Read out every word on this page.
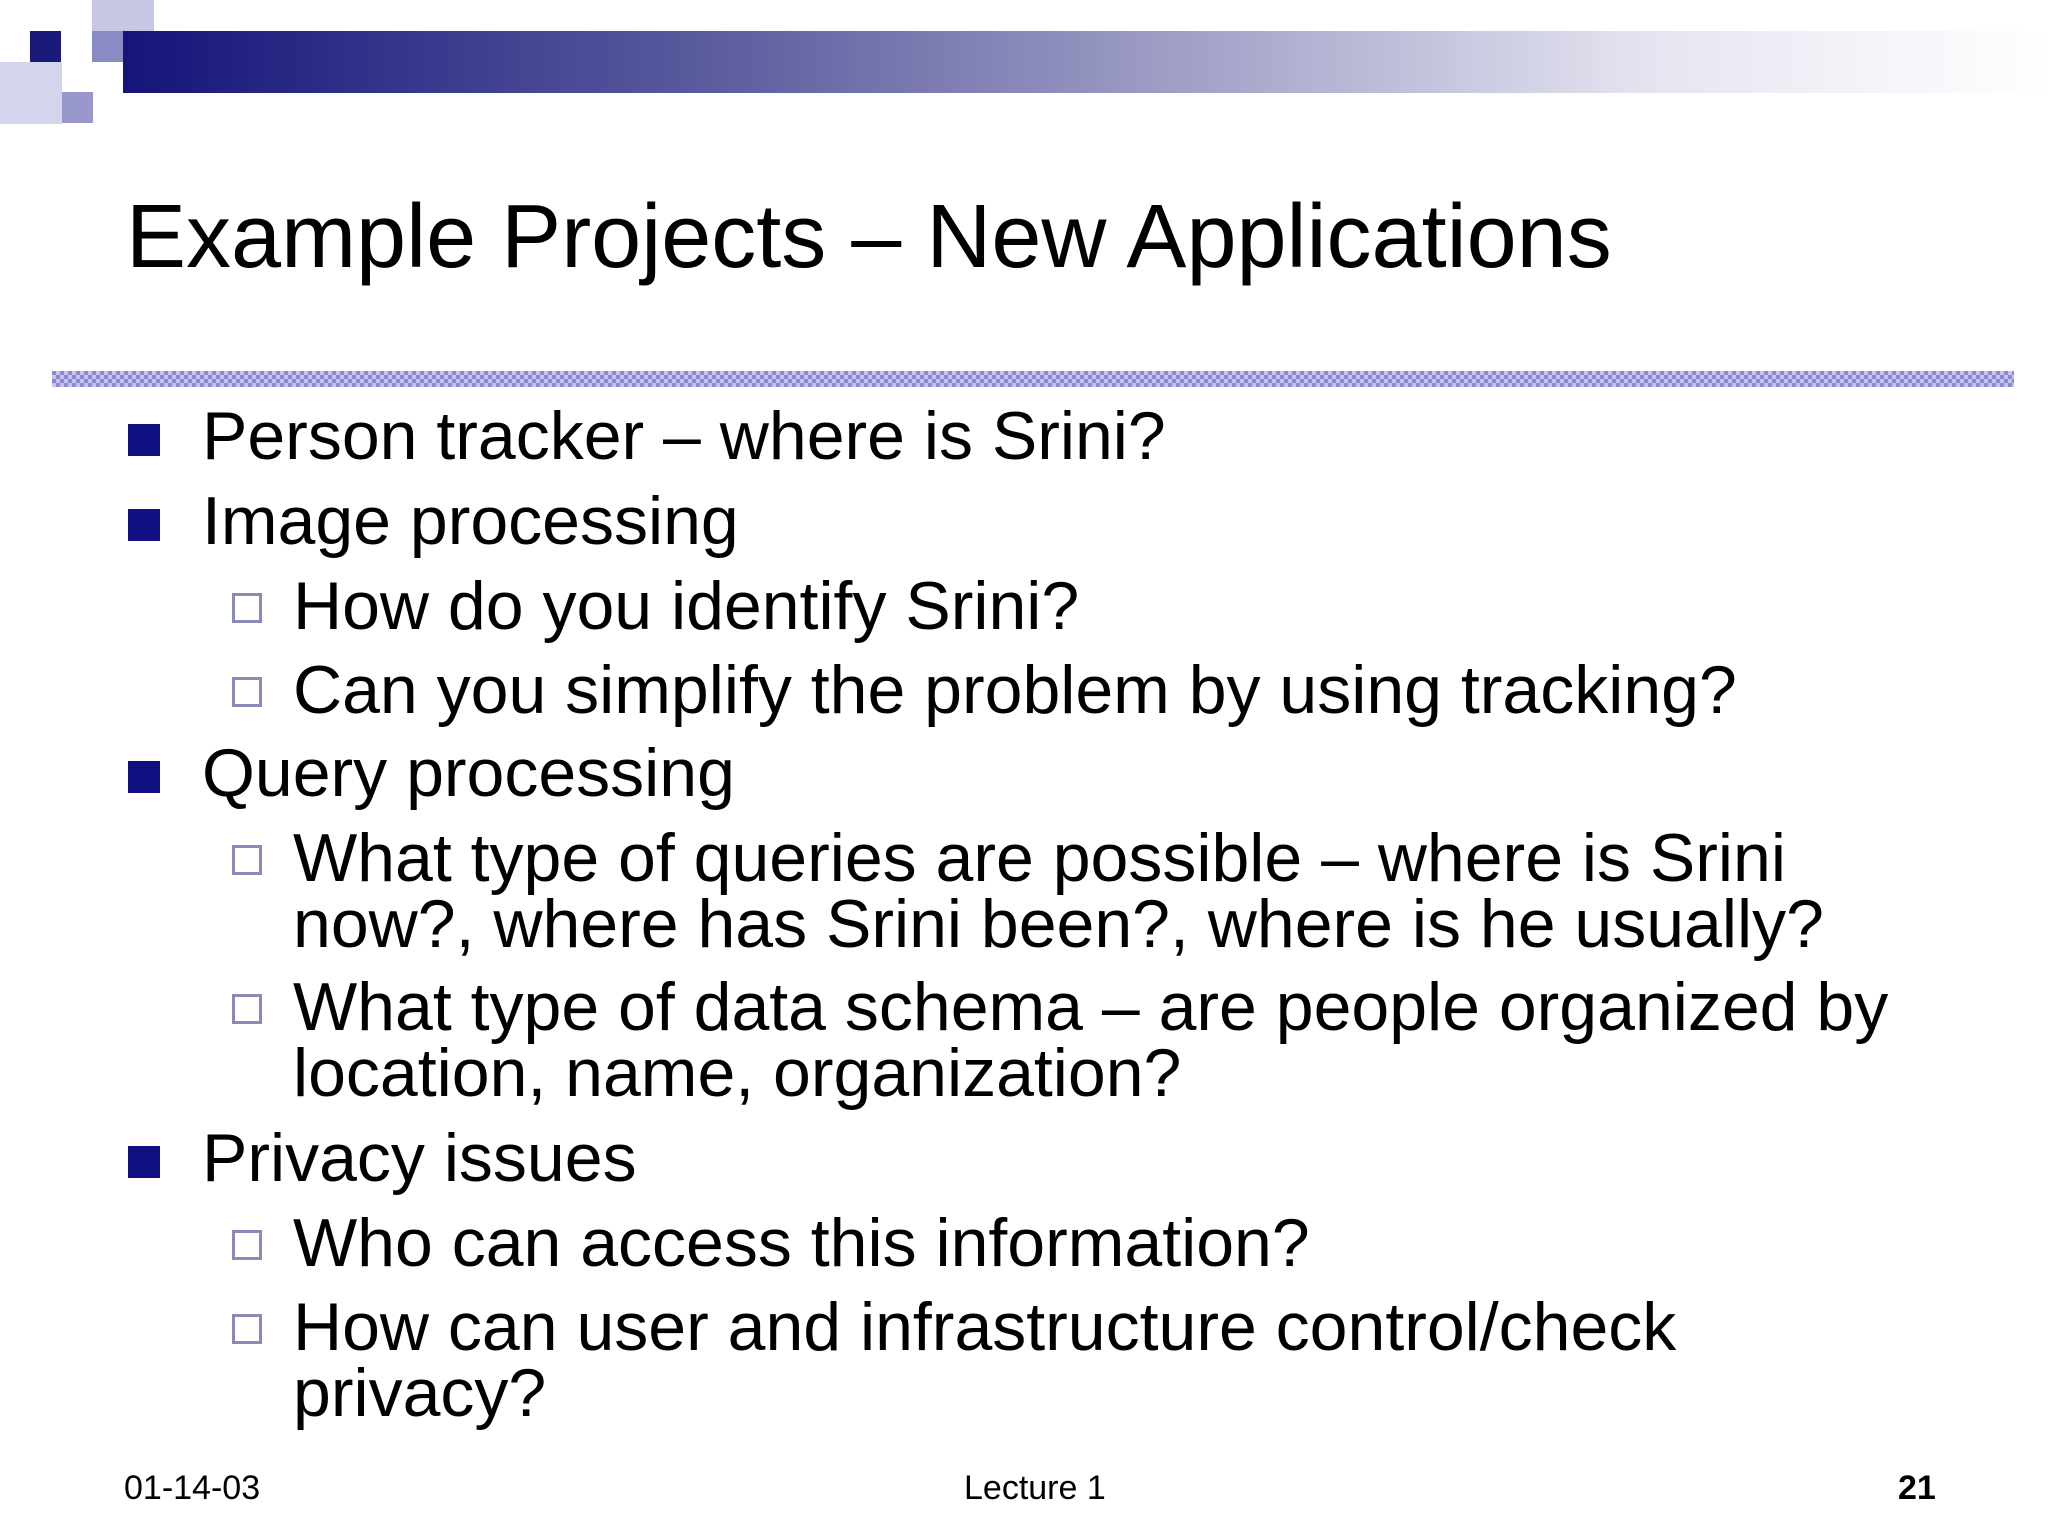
Example Projects – New Applications
Person tracker – where is Srini?
Image processing
How do you identify Srini?
Can you simplify the problem by using tracking?
Query processing
What type of queries are possible – where is Srini
now?, where has Srini been?, where is he usually?
What type of data schema – are people organized by
location, name, organization?
Privacy issues
Who can access this information?
How can user and infrastructure control/check
privacy?
01-14-03	Lecture 1	21
